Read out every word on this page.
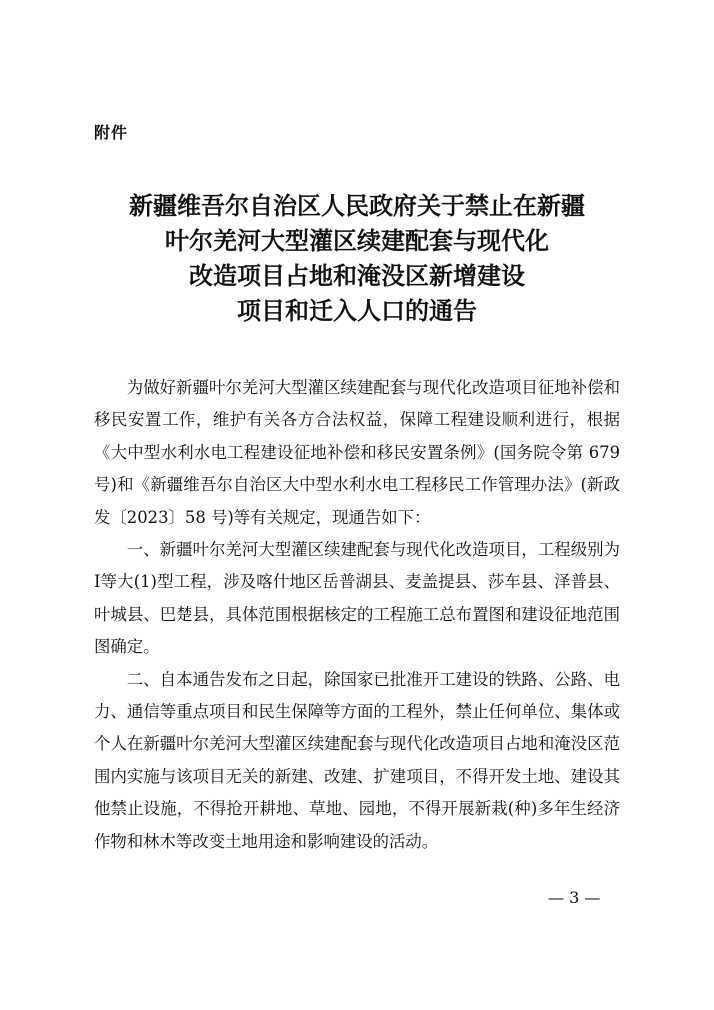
附件
新疆维吾尔自治区人民政府关于禁止在新疆
叶尔羌河大型灌区续建配套与现代化
改造项目占地和淹没区新增建设
项目和迁入人口的通告

为做好新疆叶尔羌河大型灌区续建配套与现代化改造项目征地补偿和移民安置工作，维护有关各方合法权益，保障工程建设顺利进行，根据《大中型水利水电工程建设征地补偿和移民安置条例》(国务院令第 679 号)和《新疆维吾尔自治区大中型水利水电工程移民工作管理办法》(新政发〔2023〕58 号)等有关规定，现通告如下：

一、新疆叶尔羌河大型灌区续建配套与现代化改造项目，工程级别为Ⅰ等大(1)型工程，涉及喀什地区岳普湖县、麦盖提县、莎车县、泽普县、叶城县、巴楚县，具体范围根据核定的工程施工总布置图和建设征地范围图确定。

二、自本通告发布之日起，除国家已批准开工建设的铁路、公路、电力、通信等重点项目和民生保障等方面的工程外，禁止任何单位、集体或个人在新疆叶尔羌河大型灌区续建配套与现代化改造项目占地和淹没区范围内实施与该项目无关的新建、改建、扩建项目，不得开发土地、建设其他禁止设施，不得抢开耕地、草地、园地，不得开展新栽(种)多年生经济作物和林木等改变土地用途和影响建设的活动。

— 3 —
